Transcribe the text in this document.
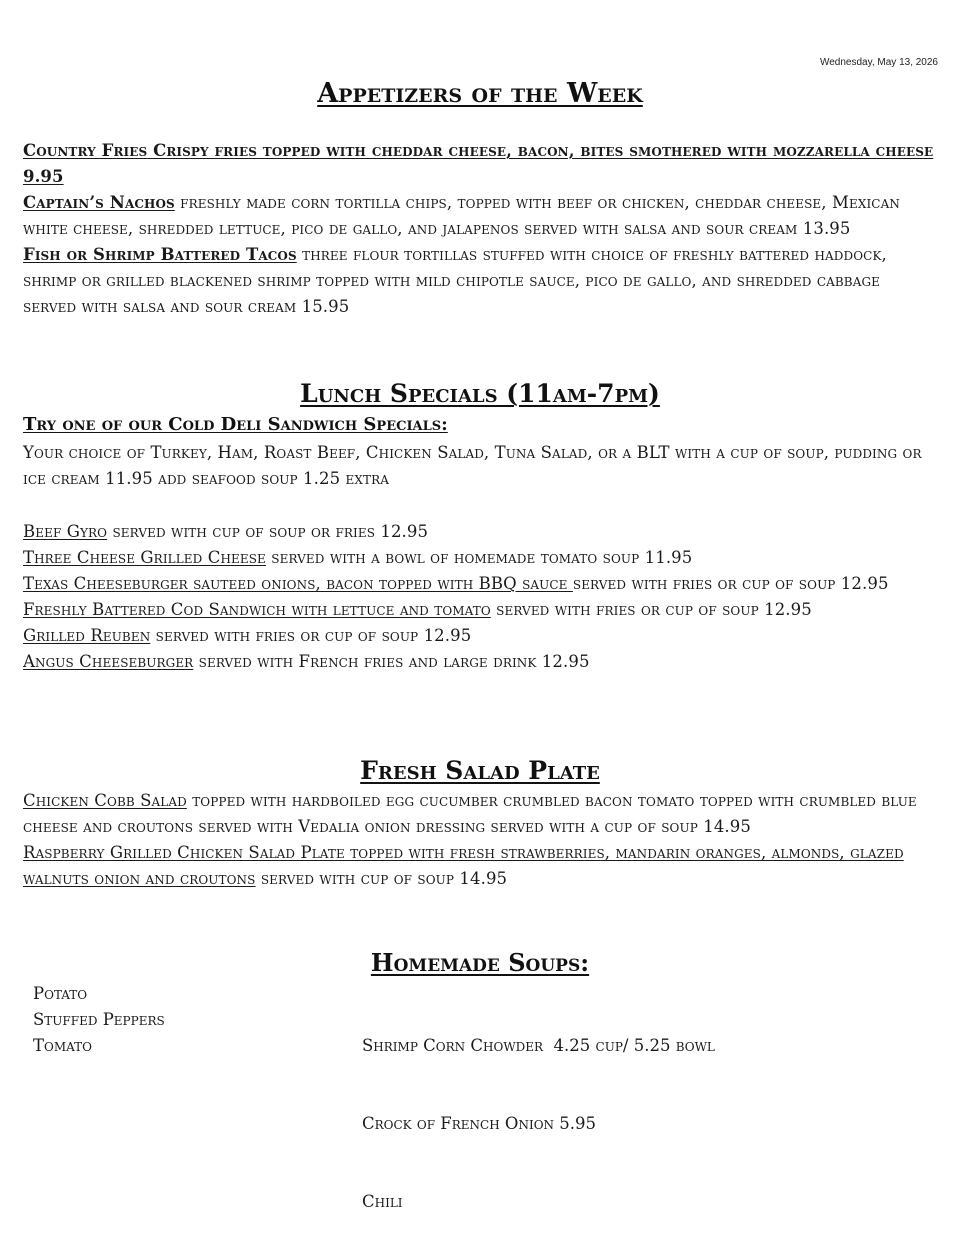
Wednesday, May 13, 2026
Appetizers of the Week

Country Fries Crispy fries topped with cheddar cheese, bacon, bites smothered with mozzarella cheese 9.95

Captain’s Nachos freshly made corn tortilla chips, topped with beef or chicken, cheddar cheese, Mexican white cheese, shredded lettuce, pico de gallo, and jalapenos served with salsa and sour cream 13.95

Fish or Shrimp Battered Tacos three flour tortillas stuffed with choice of freshly battered haddock, shrimp or grilled blackened shrimp topped with mild chipotle sauce, pico de gallo, and shredded cabbage served with salsa and sour cream 15.95

Lunch Specials (11am-7pm)
Try one of our Cold Deli Sandwich Specials:
Your choice of Turkey, Ham, Roast Beef, Chicken Salad, Tuna Salad, or a BLT with a cup of soup, pudding or ice cream 11.95 add seafood soup 1.25 extra

Beef Gyro served with cup of soup or fries 12.95

Three Cheese Grilled Cheese served with a bowl of homemade tomato soup 11.95

Texas Cheeseburger sauteed onions, bacon topped with BBQ sauce served with fries or cup of soup 12.95

Freshly Battered Cod Sandwich with lettuce and tomato served with fries or cup of soup 12.95

Grilled Reuben served with fries or cup of soup 12.95

Angus Cheeseburger served with French fries and large drink 12.95

Fresh Salad Plate

Chicken Cobb Salad topped with hardboiled egg cucumber crumbled bacon tomato topped with crumbled blue cheese and croutons served with Vedalia onion dressing served with a cup of soup 14.95

Raspberry Grilled Chicken Salad Plate topped with fresh strawberries, mandarin oranges, almonds, glazed walnuts onion and croutons served with cup of soup 14.95

Homemade Soups:
Potato
Stuffed Peppers
Tomato

	Shrimp Corn Chowder  4.25 cup/ 5.25 bowl

Crock of French Onion 5.95

Chili
